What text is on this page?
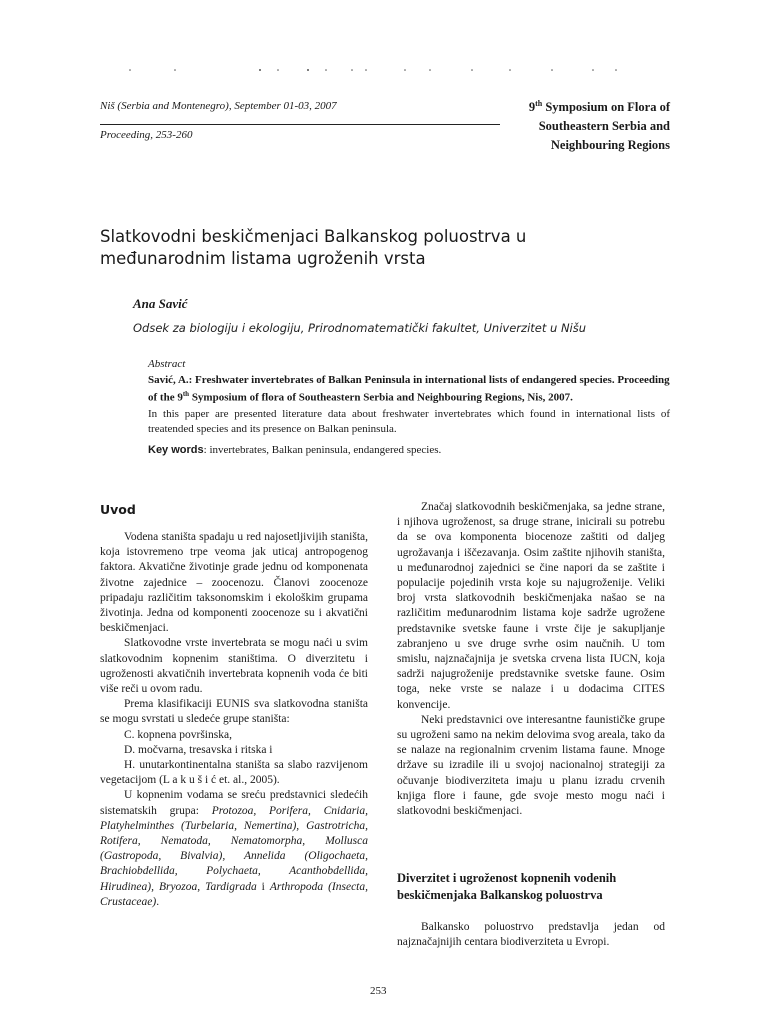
Niš (Serbia and Montenegro), September 01-03, 2007
Proceeding, 253-260
9th Symposium on Flora of Southeastern Serbia and Neighbouring Regions
Slatkovodni beskičmenjaci Balkanskog poluostrva u međunarodnim listama ugroženih vrsta
Ana Savić
Odsek za biologiju i ekologiju, Prirodnomatematički fakultet, Univerzitet u Nišu
Abstract
Savić, A.: Freshwater invertebrates of Balkan Peninsula in international lists of endangered species. Proceeding of the 9th Symposium of flora of Southeastern Serbia and Neighbouring Regions, Nis, 2007.
In this paper are presented literature data about freshwater invertebrates which found in international lists of treatended species and its presence on Balkan peninsula.
Key words: invertebrates, Balkan peninsula, endangered species.
Uvod

Vodena staništa spadaju u red najosetljivijih staništa, koja istovremeno trpe veoma jak uticaj antropogenog faktora. Akvatične životinje grade jednu od komponenata životne zajednice – zoocenozu. Članovi zoocenoze pripadaju različitim taksonomskim i ekološkim grupama životinja. Jedna od komponenti zoocenoze su i akvatični beskičmenjaci.

Slatkovodne vrste invertebrata se mogu naći u svim slatkovodnim kopnenim staništima. O diverzitetu i ugroženosti akvatičnih invertebrata kopnenih voda će biti više reči u ovom radu.

Prema klasifikaciji EUNIS sva slatkovodna staništa se mogu svrstati u sledeće grupe staništa:

C. kopnena površinska,

D. močvarna, tresavska i ritska i

H. unutarkontinentalna staništa sa slabo razvijenom vegetacijom (L a k u š i ć et. al., 2005).

U kopnenim vodama se sreću predstavnici sledećih sistematskih grupa: Protozoa, Porifera, Cnidaria, Platyhelminthes (Turbelaria, Nemertina), Gastrotricha, Rotifera, Nematoda, Nematomorpha, Mollusca (Gastropoda, Bivalvia), Annelida (Oligochaeta, Brachiobdellida, Polychaeta, Acanthobdellida, Hirudinea), Bryozoa, Tardigrada i Arthropoda (Insecta, Crustaceae).

Značaj slatkovodnih beskičmenjaka, sa jedne strane, i njihova ugroženost, sa druge strane, inicirali su potrebu da se ova komponenta biocenoze zaštiti od daljeg ugrožavanja i iščezavanja. Osim zaštite njihovih staništa, u međunarodnoj zajednici se čine napori da se zaštite i populacije pojedinih vrsta koje su najugroženije. Veliki broj vrsta slatkovodnih beskičmenjaka našao se na različitim međunarodnim listama koje sadrže ugrožene predstavnike svetske faune i vrste čije je sakupljanje zabranjeno u sve druge svrhe osim naučnih. U tom smislu, najznačajnija je svetska crvena lista IUCN, koja sadrži najugroženije predstavnike svetske faune. Osim toga, neke vrste se nalaze i u dodacima CITES konvencije.

Neki predstavnici ove interesantne faunističke grupe su ugroženi samo na nekim delovima svog areala, tako da se nalaze na regionalnim crvenim listama faune. Mnoge države su izradile ili u svojoj nacionalnoj strategiji za očuvanje biodiverziteta imaju u planu izradu crvenih knjiga flore i faune, gde svoje mesto mogu naći i slatkovodni beskičmenjaci.

Diverzitet i ugroženost kopnenih vodenih beskičmenjaka Balkanskog poluostrva

Balkansko poluostrvo predstavlja jedan od najznačajnijih centara biodiverziteta u Evropi.

253
